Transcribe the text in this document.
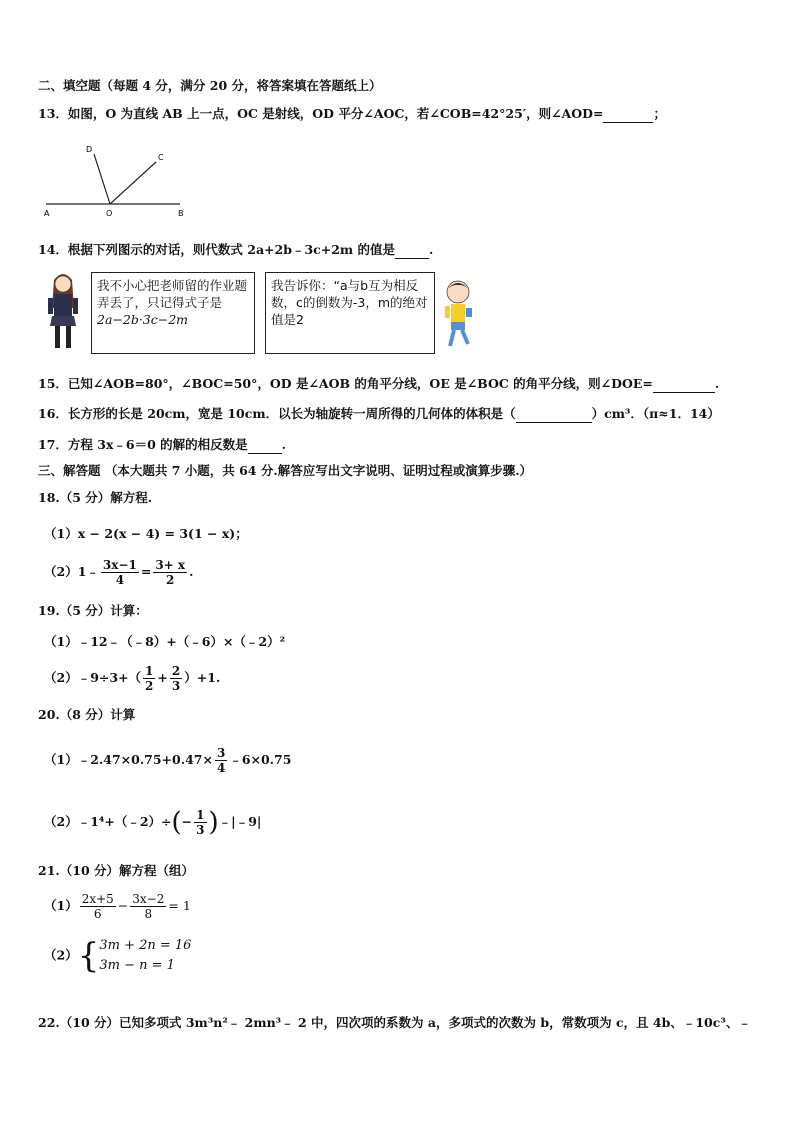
二、填空题（每题 4 分，满分 20 分，将答案填在答题纸上）
13．如图，O 为直线 AB 上一点，OC 是射线，OD 平分∠AOC，若∠COB=42°25′，则∠AOD=	；
A	O	B
D
C
14．根据下列图示的对话，则代数式 2a+2b﹣3c+2m 的值是	.
我不小心把老师留的作业题弄丢了，只记得式子是
2a−2b·3c−2m
我告诉你：“a与b互为相反数，c的倒数为-3，m的绝对值是2
15．已知∠AOB=80°，∠BOC=50°，OD 是∠AOB 的角平分线，OE 是∠BOC 的角平分线，则∠DOE=	.
16．长方形的长是 20cm，宽是 10cm．以长为轴旋转一周所得的几何体的体积是（	）cm³．（π≈1．14）
17．方程 3x﹣6＝0 的解的相反数是	.
三、解答题 （本大题共 7 小题，共 64 分.解答应写出文字说明、证明过程或演算步骤.）
18.（5 分）解方程.
（1）x − 2(x − 4) = 3(1 − x)；
（2）1﹣ $\frac{3x-1}{4} = \frac{3+ x}{2}$ .
19.（5 分）计算：
（1）﹣12﹣（﹣8）+（﹣6）×（﹣2）²
（2）﹣9÷3+（ $\frac{1}{2} + \frac{2}{3} )+1$.
20.（8 分）计算
（1）﹣2.47×0.75+0.47× $\frac{3}{4}$ ﹣6×0.75
（2）﹣1⁴+（﹣2）÷(− $\frac{1}{3}$ )﹣|﹣9|
21.（10 分）解方程（组）
$(1) \frac{2x+5}{6} - \frac{3x-2}{8} = 1$
（2）{3m + 2n = 16
3m − n = 1
22.（10 分）已知多项式 3m³n²﹣ 2mn³﹣ 2 中，四次项的系数为 a，多项式的次数为 b，常数项为 c，且 4b、﹣10c³、﹣
